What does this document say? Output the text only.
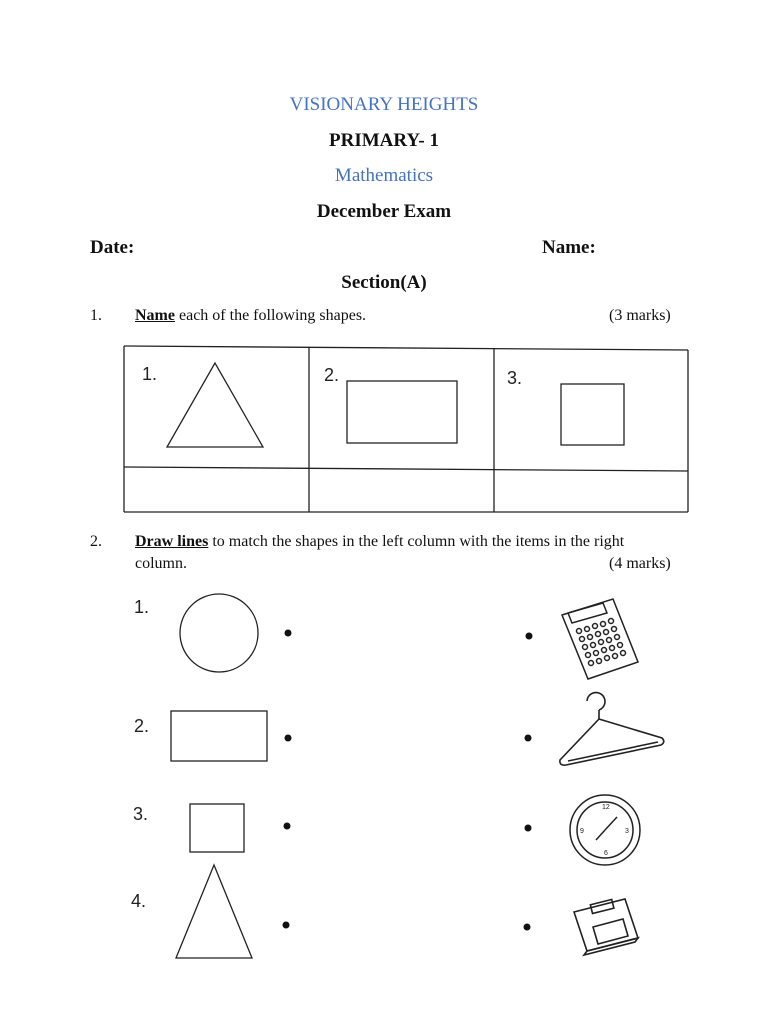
VISIONARY HEIGHTS
PRIMARY- 1
Mathematics
December Exam
Date:	Name:
Section(A)
1. Name each of the following shapes.	(3 marks)
1.	2.	3.
2. Draw lines to match the shapes in the left column with the items in the right
column.	(4 marks)
1.
2.
3.
4.
12
3
6
9
